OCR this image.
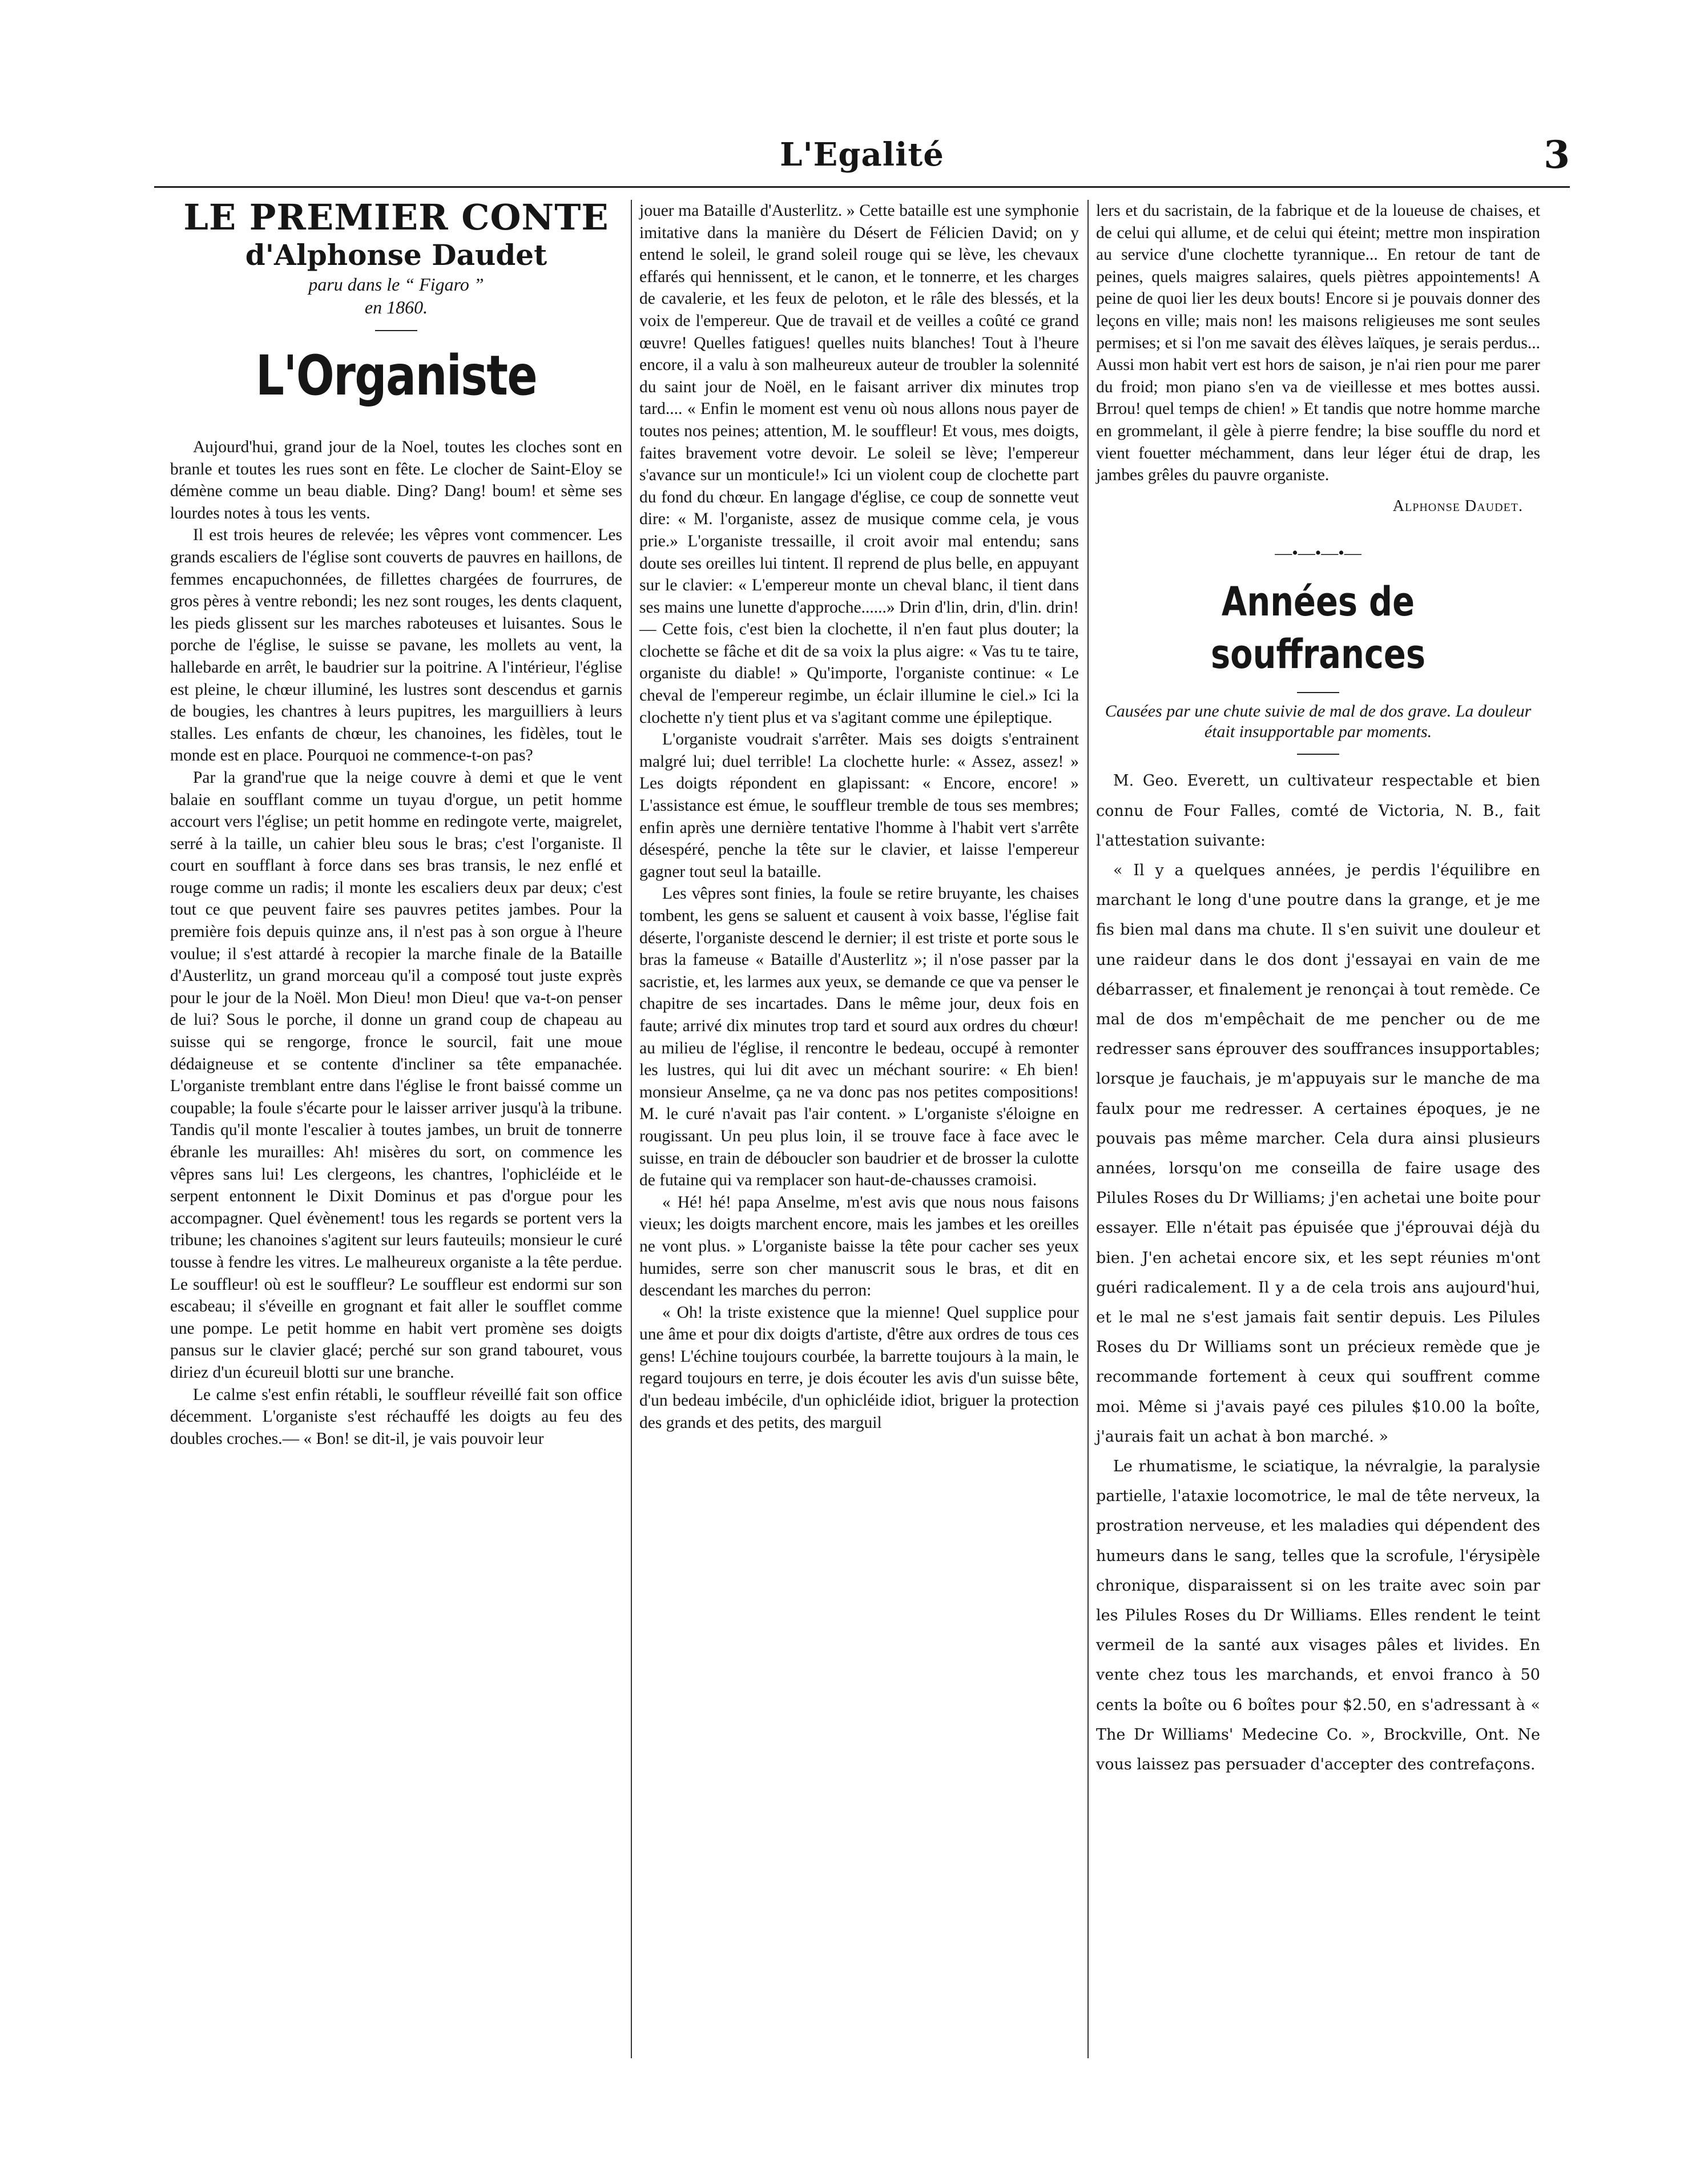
L'Egalité	3
LE PREMIER CONTE
d'Alphonse Daudet
paru dans le “ Figaro ”
en 1860.
L'Organiste

Aujourd'hui, grand jour de la Noel, toutes les cloches sont en branle et toutes les rues sont en fête. Le clocher de Saint-Eloy se démène comme un beau diable. Ding? Dang! boum! et sème ses lourdes notes à tous les vents.

Il est trois heures de relevée; les vêpres vont commencer. Les grands escaliers de l'église sont couverts de pauvres en haillons, de femmes encapuchonnées, de fillettes chargées de fourrures, de gros pères à ventre rebondi; les nez sont rouges, les dents claquent, les pieds glissent sur les marches raboteuses et luisantes. Sous le porche de l'église, le suisse se pavane, les mollets au vent, la hallebarde en arrêt, le baudrier sur la poitrine. A l'intérieur, l'église est pleine, le chœur illuminé, les lustres sont descendus et garnis de bougies, les chantres à leurs pupitres, les marguilliers à leurs stalles. Les enfants de chœur, les chanoines, les fidèles, tout le monde est en place. Pourquoi ne commence-t-on pas?

Par la grand'rue que la neige couvre à demi et que le vent balaie en soufflant comme un tuyau d'orgue, un petit homme accourt vers l'église; un petit homme en redingote verte, maigrelet, serré à la taille, un cahier bleu sous le bras; c'est l'organiste. Il court en soufflant à force dans ses bras transis, le nez enflé et rouge comme un radis; il monte les escaliers deux par deux; c'est tout ce que peuvent faire ses pauvres petites jambes. Pour la première fois depuis quinze ans, il n'est pas à son orgue à l'heure voulue; il s'est attardé à recopier la marche finale de la Bataille d'Austerlitz, un grand morceau qu'il a composé tout juste exprès pour le jour de la Noël. Mon Dieu! mon Dieu! que va-t-on penser de lui? Sous le porche, il donne un grand coup de chapeau au suisse qui se rengorge, fronce le sourcil, fait une moue dédaigneuse et se contente d'incliner sa tête empanachée. L'organiste tremblant entre dans l'église le front baissé comme un coupable; la foule s'écarte pour le laisser arriver jusqu'à la tribune. Tandis qu'il monte l'escalier à toutes jambes, un bruit de tonnerre ébranle les murailles: Ah! misères du sort, on commence les vêpres sans lui! Les clergeons, les chantres, l'ophicléide et le serpent entonnent le Dixit Dominus et pas d'orgue pour les accompagner. Quel évènement! tous les regards se portent vers la tribune; les chanoines s'agitent sur leurs fauteuils; monsieur le curé tousse à fendre les vitres. Le malheureux organiste a la tête perdue. Le souffleur! où est le souffleur? Le souffleur est endormi sur son escabeau; il s'éveille en grognant et fait aller le soufflet comme une pompe. Le petit homme en habit vert promène ses doigts pansus sur le clavier glacé; perché sur son grand tabouret, vous diriez d'un écureuil blotti sur une branche.

Le calme s'est enfin rétabli, le souffleur réveillé fait son office décemment. L'organiste s'est réchauffé les doigts au feu des doubles croches.— « Bon! se dit-il, je vais pouvoir leur

jouer ma Bataille d'Austerlitz. » Cette bataille est une symphonie imitative dans la manière du Désert de Félicien David; on y entend le soleil, le grand soleil rouge qui se lève, les chevaux effarés qui hennissent, et le canon, et le tonnerre, et les charges de cavalerie, et les feux de peloton, et le râle des blessés, et la voix de l'empereur. Que de travail et de veilles a coûté ce grand œuvre! Quelles fatigues! quelles nuits blanches! Tout à l'heure encore, il a valu à son malheureux auteur de troubler la solennité du saint jour de Noël, en le faisant arriver dix minutes trop tard.... « Enfin le moment est venu où nous allons nous payer de toutes nos peines; attention, M. le souffleur! Et vous, mes doigts, faites bravement votre devoir. Le soleil se lève; l'empereur s'avance sur un monticule!» Ici un violent coup de clochette part du fond du chœur. En langage d'église, ce coup de sonnette veut dire: « M. l'organiste, assez de musique comme cela, je vous prie.» L'organiste tressaille, il croit avoir mal entendu; sans doute ses oreilles lui tintent. Il reprend de plus belle, en appuyant sur le clavier: « L'empereur monte un cheval blanc, il tient dans ses mains une lunette d'approche......» Drin d'lin, drin, d'lin. drin! — Cette fois, c'est bien la clochette, il n'en faut plus douter; la clochette se fâche et dit de sa voix la plus aigre: « Vas tu te taire, organiste du diable! » Qu'importe, l'organiste continue: « Le cheval de l'empereur regimbe, un éclair illumine le ciel.» Ici la clochette n'y tient plus et va s'agitant comme une épileptique.

L'organiste voudrait s'arrêter. Mais ses doigts s'entrainent malgré lui; duel terrible! La clochette hurle: « Assez, assez! » Les doigts répondent en glapissant: « Encore, encore! » L'assistance est émue, le souffleur tremble de tous ses membres; enfin après une dernière tentative l'homme à l'habit vert s'arrête désespéré, penche la tête sur le clavier, et laisse l'empereur gagner tout seul la bataille.

Les vêpres sont finies, la foule se retire bruyante, les chaises tombent, les gens se saluent et causent à voix basse, l'église fait déserte, l'organiste descend le dernier; il est triste et porte sous le bras la fameuse « Bataille d'Austerlitz »; il n'ose passer par la sacristie, et, les larmes aux yeux, se demande ce que va penser le chapitre de ses incartades. Dans le même jour, deux fois en faute; arrivé dix minutes trop tard et sourd aux ordres du chœur! au milieu de l'église, il rencontre le bedeau, occupé à remonter les lustres, qui lui dit avec un méchant sourire: « Eh bien! monsieur Anselme, ça ne va donc pas nos petites compositions! M. le curé n'avait pas l'air content. » L'organiste s'éloigne en rougissant. Un peu plus loin, il se trouve face à face avec le suisse, en train de déboucler son baudrier et de brosser la culotte de futaine qui va remplacer son haut-de-chausses cramoisi.

« Hé! hé! papa Anselme, m'est avis que nous nous faisons vieux; les doigts marchent encore, mais les jambes et les oreilles ne vont plus. » L'organiste baisse la tête pour cacher ses yeux humides, serre son cher manuscrit sous le bras, et dit en descendant les marches du perron:

« Oh! la triste existence que la mienne! Quel supplice pour une âme et pour dix doigts d'artiste, d'être aux ordres de tous ces gens! L'échine toujours courbée, la barrette toujours à la main, le regard toujours en terre, je dois écouter les avis d'un suisse bête, d'un bedeau imbécile, d'un ophicléide idiot, briguer la protection des grands et des petits, des marguil

lers et du sacristain, de la fabrique et de la loueuse de chaises, et de celui qui allume, et de celui qui éteint; mettre mon inspiration au service d'une clochette tyrannique... En retour de tant de peines, quels maigres salaires, quels piètres appointements! A peine de quoi lier les deux bouts! Encore si je pouvais donner des leçons en ville; mais non! les maisons religieuses me sont seules permises; et si l'on me savait des élèves laïques, je serais perdus... Aussi mon habit vert est hors de saison, je n'ai rien pour me parer du froid; mon piano s'en va de vieillesse et mes bottes aussi. Brrou! quel temps de chien! » Et tandis que notre homme marche en grommelant, il gèle à pierre fendre; la bise souffle du nord et vient fouetter méchamment, dans leur léger étui de drap, les jambes grêles du pauvre organiste.

Alphonse Daudet.
—•—•—•—
Années de souffrances
Causées par une chute suivie de mal de dos grave. La douleur était insupportable par moments.

M. Geo. Everett, un cultivateur respectable et bien connu de Four Falles, comté de Victoria, N. B., fait l'attestation suivante:

« Il y a quelques années, je perdis l'équilibre en marchant le long d'une poutre dans la grange, et je me fis bien mal dans ma chute. Il s'en suivit une douleur et une raideur dans le dos dont j'essayai en vain de me débarrasser, et finalement je renonçai à tout remède. Ce mal de dos m'empêchait de me pencher ou de me redresser sans éprouver des souffrances insupportables; lorsque je fauchais, je m'appuyais sur le manche de ma faulx pour me redresser. A certaines époques, je ne pouvais pas même marcher. Cela dura ainsi plusieurs années, lorsqu'on me conseilla de faire usage des Pilules Roses du Dr Williams; j'en achetai une boite pour essayer. Elle n'était pas épuisée que j'éprouvai déjà du bien. J'en achetai encore six, et les sept réunies m'ont guéri radicalement. Il y a de cela trois ans aujourd'hui, et le mal ne s'est jamais fait sentir depuis. Les Pilules Roses du Dr Williams sont un précieux remède que je recommande fortement à ceux qui souffrent comme moi. Même si j'avais payé ces pilules $10.00 la boîte, j'aurais fait un achat à bon marché. »

Le rhumatisme, le sciatique, la névralgie, la paralysie partielle, l'ataxie locomotrice, le mal de tête nerveux, la prostration nerveuse, et les maladies qui dépendent des humeurs dans le sang, telles que la scrofule, l'érysipèle chronique, disparaissent si on les traite avec soin par les Pilules Roses du Dr Williams. Elles rendent le teint vermeil de la santé aux visages pâles et livides. En vente chez tous les marchands, et envoi franco à 50 cents la boîte ou 6 boîtes pour $2.50, en s'adressant à « The Dr Williams' Medecine Co. », Brockville, Ont. Ne vous laissez pas persuader d'accepter des contrefaçons.
